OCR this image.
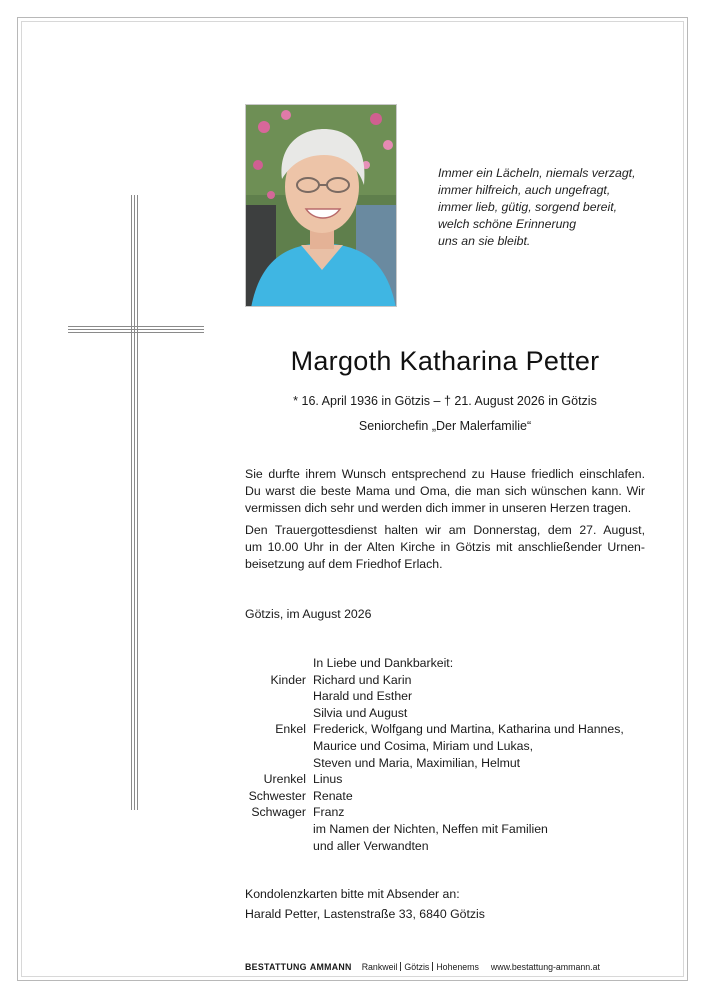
Immer ein Lächeln, niemals verzagt,
immer hilfreich, auch ungefragt,
immer lieb, gütig, sorgend bereit,
welch schöne Erinnerung
uns an sie bleibt.
Margoth Katharina Petter
* 16. April 1936 in Götzis – † 21. August 2026 in Götzis
Seniorchefin „Der Malerfamilie“
Sie durfte ihrem Wunsch entsprechend zu Hause friedlich einschlafen.
Du warst die beste Mama und Oma, die man sich wünschen kann. Wir
vermissen dich sehr und werden dich immer in unseren Herzen tragen.
Den Trauergottesdienst halten wir am Donnerstag, dem 27. August,
um 10.00 Uhr in der Alten Kirche in Götzis mit anschließender Urnen-
beisetzung auf dem Friedhof Erlach.
Götzis, im August 2026
In Liebe und Dankbarkeit:
Kinder Richard und Karin
Harald und Esther
Silvia und August
Enkel Frederick, Wolfgang und Martina, Katharina und Hannes,
Maurice und Cosima, Miriam und Lukas,
Steven und Maria, Maximilian, Helmut
Urenkel Linus
Schwester Renate
Schwager Franz
im Namen der Nichten, Neffen mit Familien
und aller Verwandten
Kondolenzkarten bitte mit Absender an:
Harald Petter, Lastenstraße 33, 6840 Götzis
BESTATTUNG AMMANN Rankweil Götzis Hohenems www.bestattung-ammann.at
